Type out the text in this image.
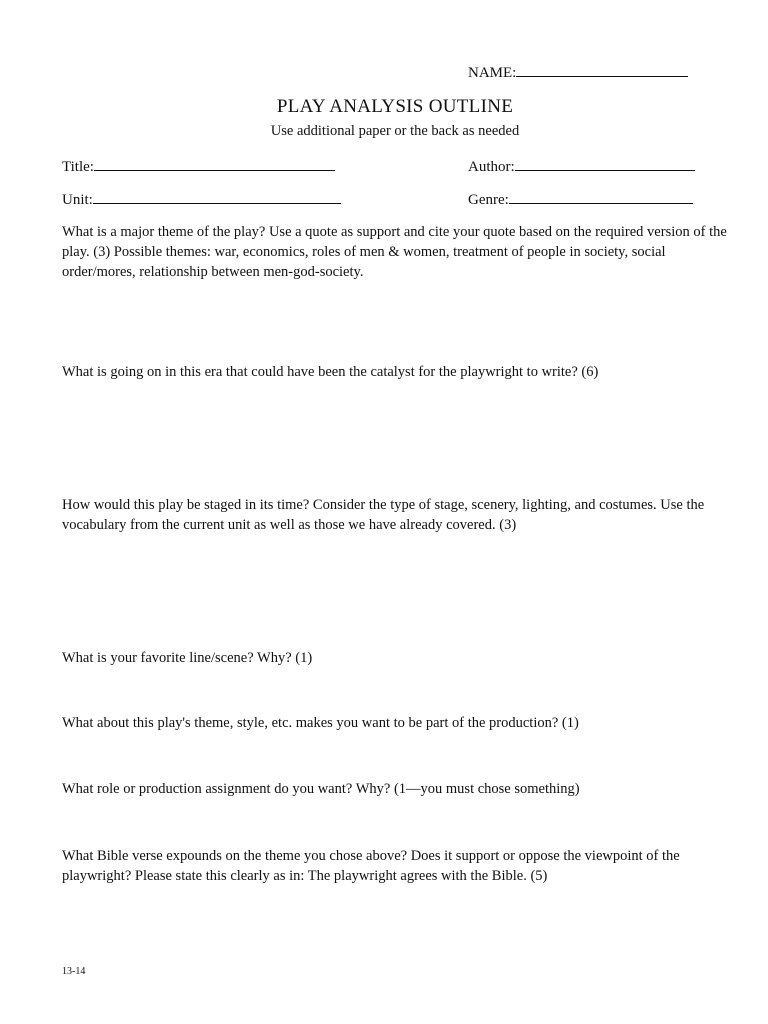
NAME:
PLAY ANALYSIS OUTLINE
Use additional paper or the back as needed
Title:	Author:
Unit:	Genre:
What is a major theme of the play? Use a quote as support and cite your quote based on the required version of the play. (3) Possible themes: war, economics, roles of men & women, treatment of people in society, social order/mores, relationship between men-god-society.
What is going on in this era that could have been the catalyst for the playwright to write? (6)
How would this play be staged in its time? Consider the type of stage, scenery, lighting, and costumes. Use the vocabulary from the current unit as well as those we have already covered. (3)
What is your favorite line/scene? Why? (1)
What about this play's theme, style, etc. makes you want to be part of the production? (1)
What role or production assignment do you want? Why? (1—you must chose something)
What Bible verse expounds on the theme you chose above? Does it support or oppose the viewpoint of the playwright? Please state this clearly as in: The playwright agrees with the Bible. (5)
13-14
